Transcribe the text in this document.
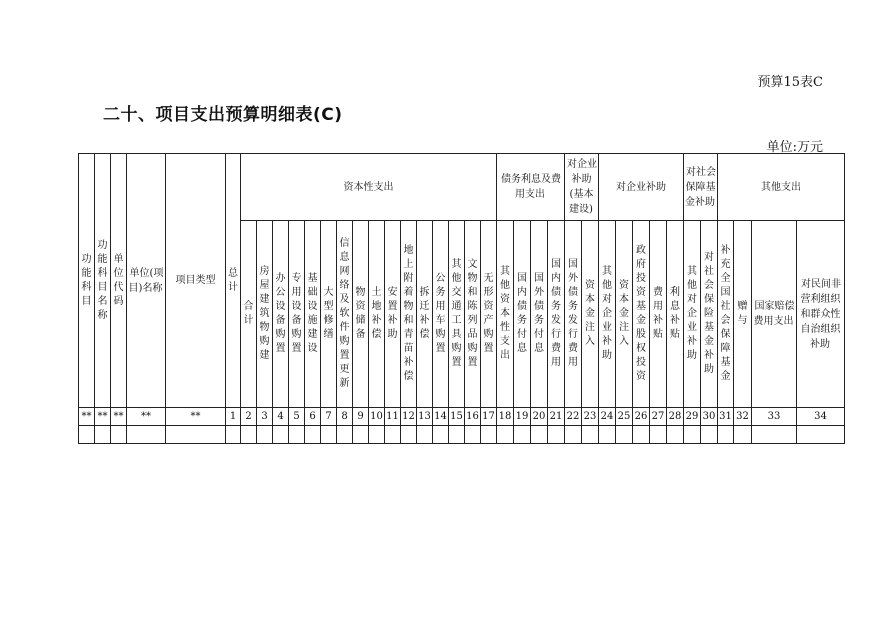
预算15表C
二十、项目支出预算明细表(C)
单位:万元
功能科目	功能科目名称	单位代码	单位(项目)名称	项目类型	总计	资本性支出																债务利息及费用支出				对企业补助(基本建设)		对企业补助					对社会保障基金补助		其他支出				
						合计	房屋建筑物购建	办公设备购置	专用设备购置	基础设施建设	大型修缮	信息网络及软件购置更新	物资储备	土地补偿	安置补助	地上附着物和青苗补偿	拆迁补偿	公务用车购置	其他交通工具购置	文物和陈列品购置	无形资产购置	其他资本性支出	国内债务付息	国外债务付息	国内债务发行费用	国外债务发行费用	资本金注入	其他对企业补助	资本金注入	政府投资基金股权投资	费用补贴	利息补贴	其他对企业补助	对社会保险基金补助	补充全国社会保障基金	赠与	国家赔偿费用支出	对民间非营利组织和群众性自治组织补助	
**	**	**	**	**	1	2	3	4	5	6	7	8	9	10	11	12	13	14	15	16	17	18	19	20	21	22	23	24	25	26	27	28	29	30	31	32	33	34	
